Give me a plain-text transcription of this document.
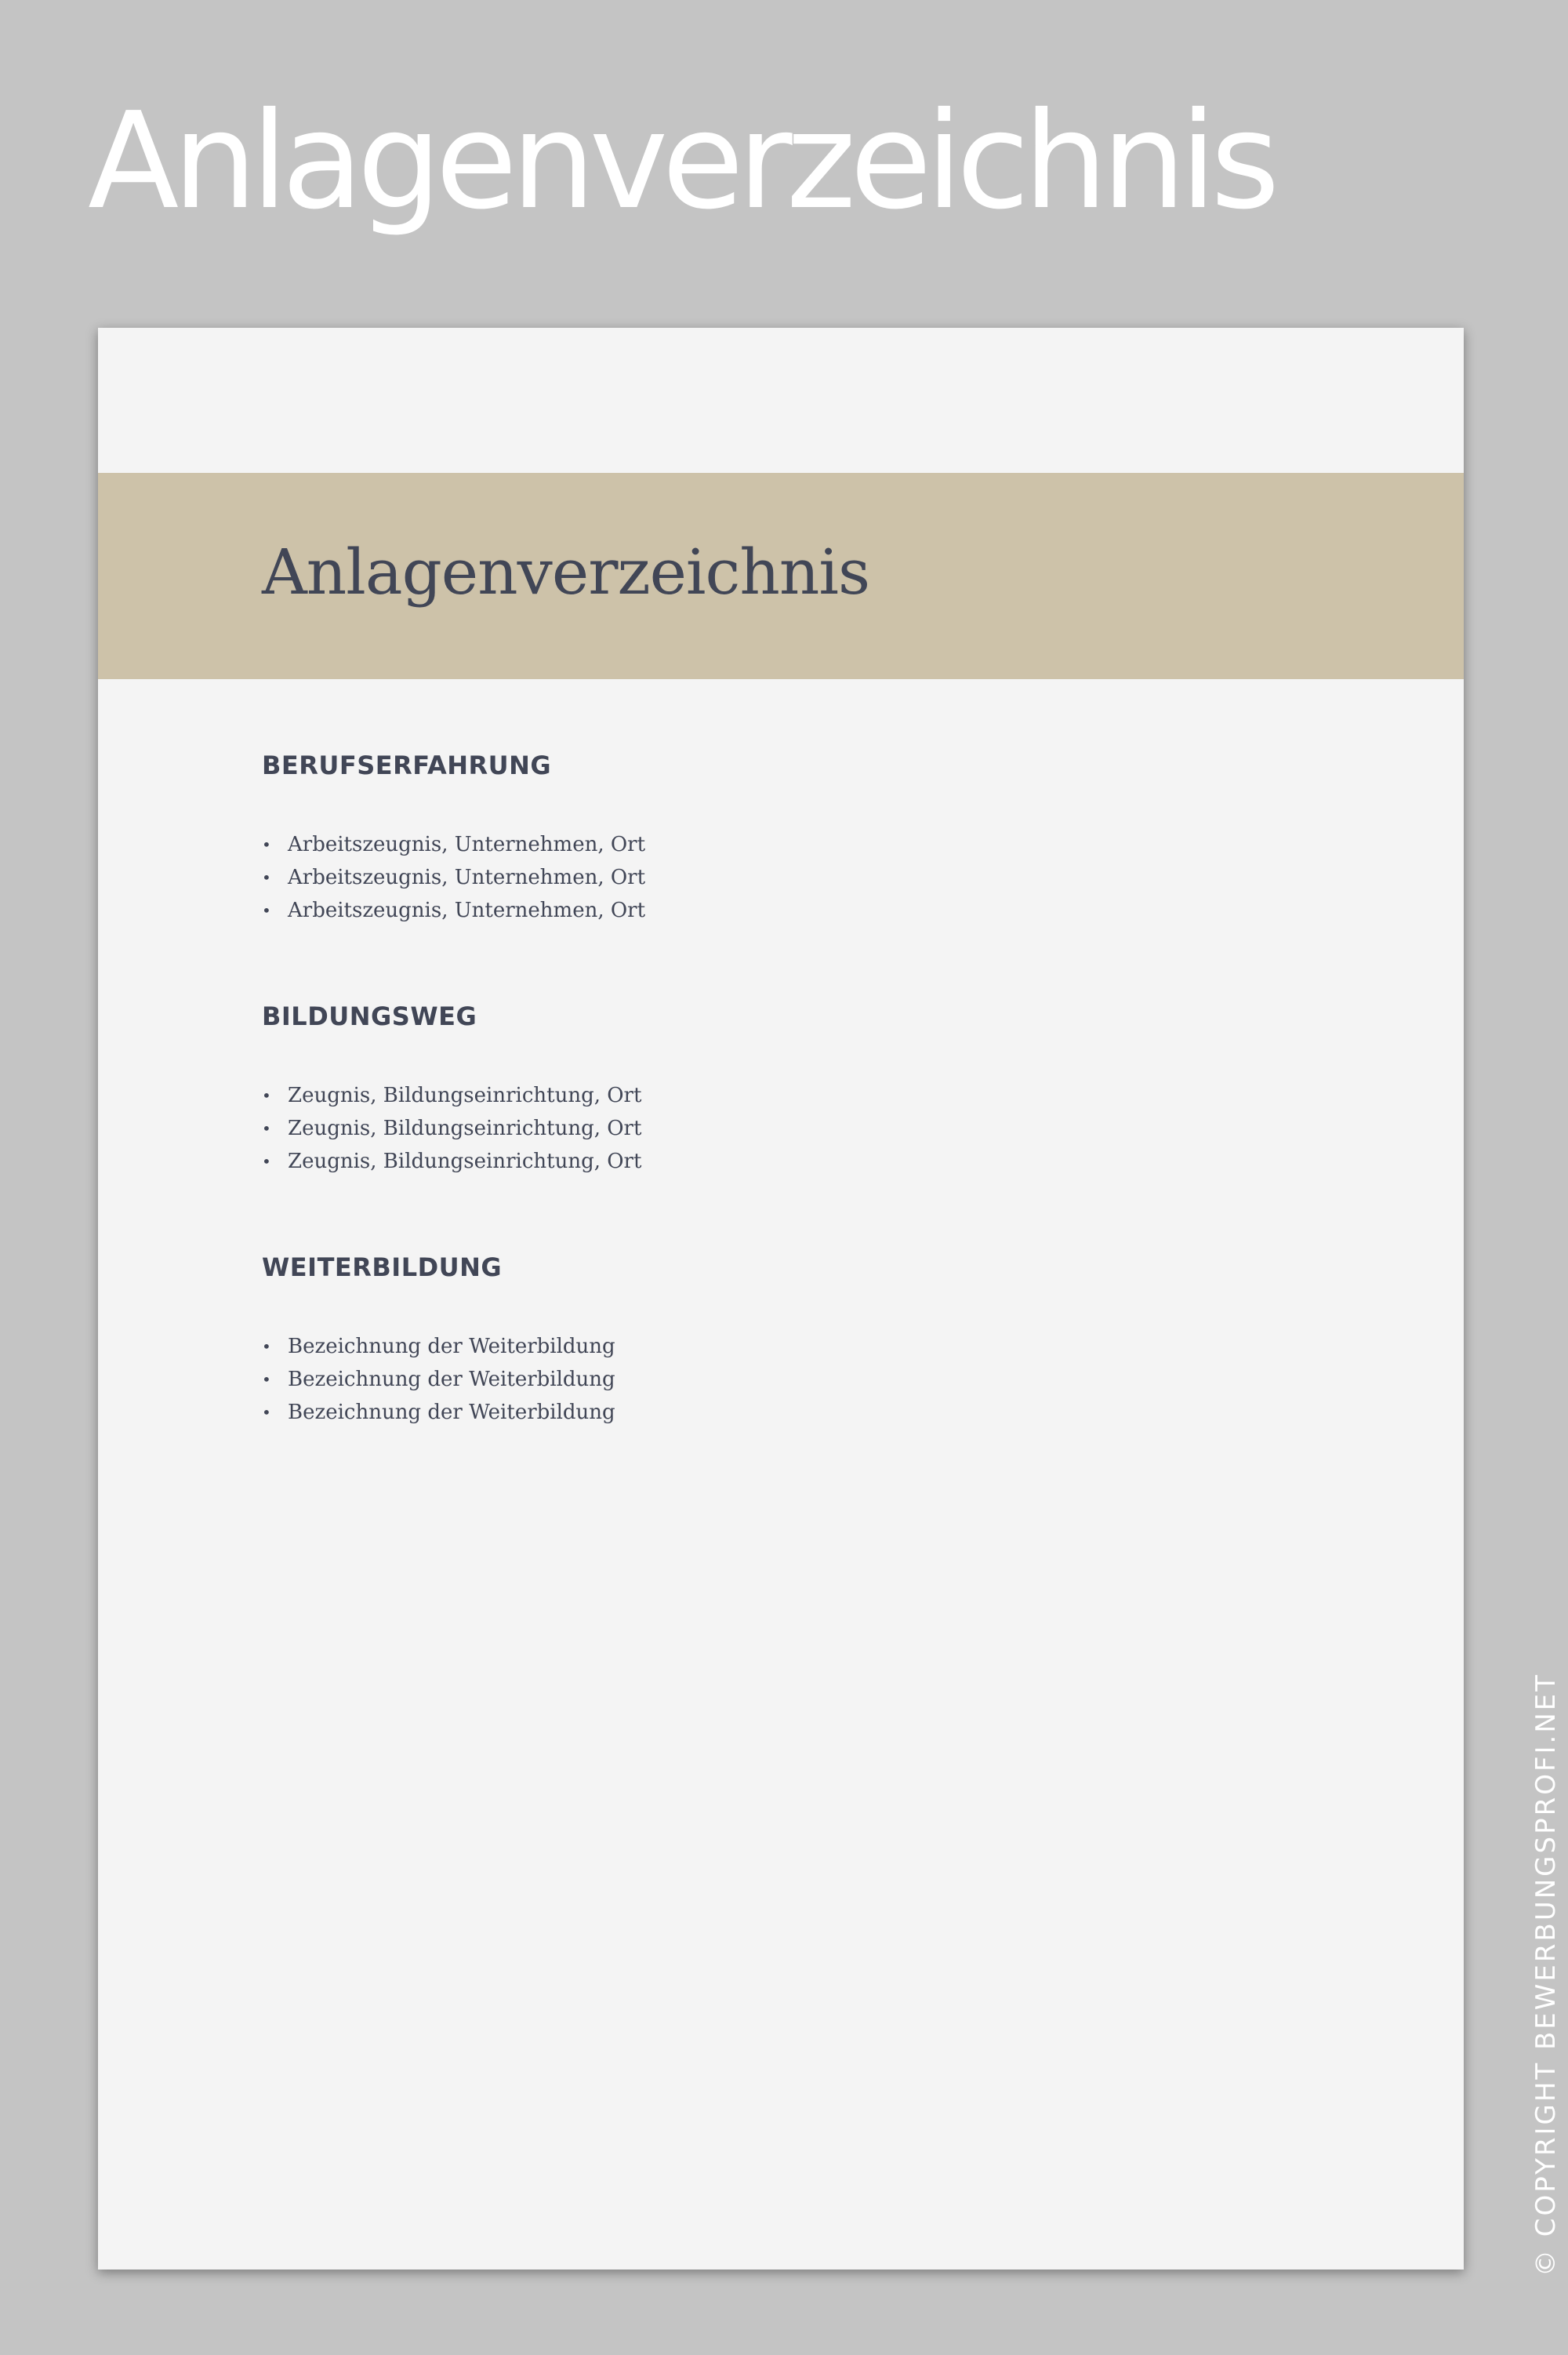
Anlagenverzeichnis
Anlagenverzeichnis
BERUFSERFAHRUNG
• Arbeitszeugnis, Unternehmen, Ort
• Arbeitszeugnis, Unternehmen, Ort
• Arbeitszeugnis, Unternehmen, Ort
BILDUNGSWEG
• Zeugnis, Bildungseinrichtung, Ort
• Zeugnis, Bildungseinrichtung, Ort
• Zeugnis, Bildungseinrichtung, Ort
WEITERBILDUNG
• Bezeichnung der Weiterbildung
• Bezeichnung der Weiterbildung
• Bezeichnung der Weiterbildung
© COPYRIGHT BEWERBUNGSPROFI.NET
